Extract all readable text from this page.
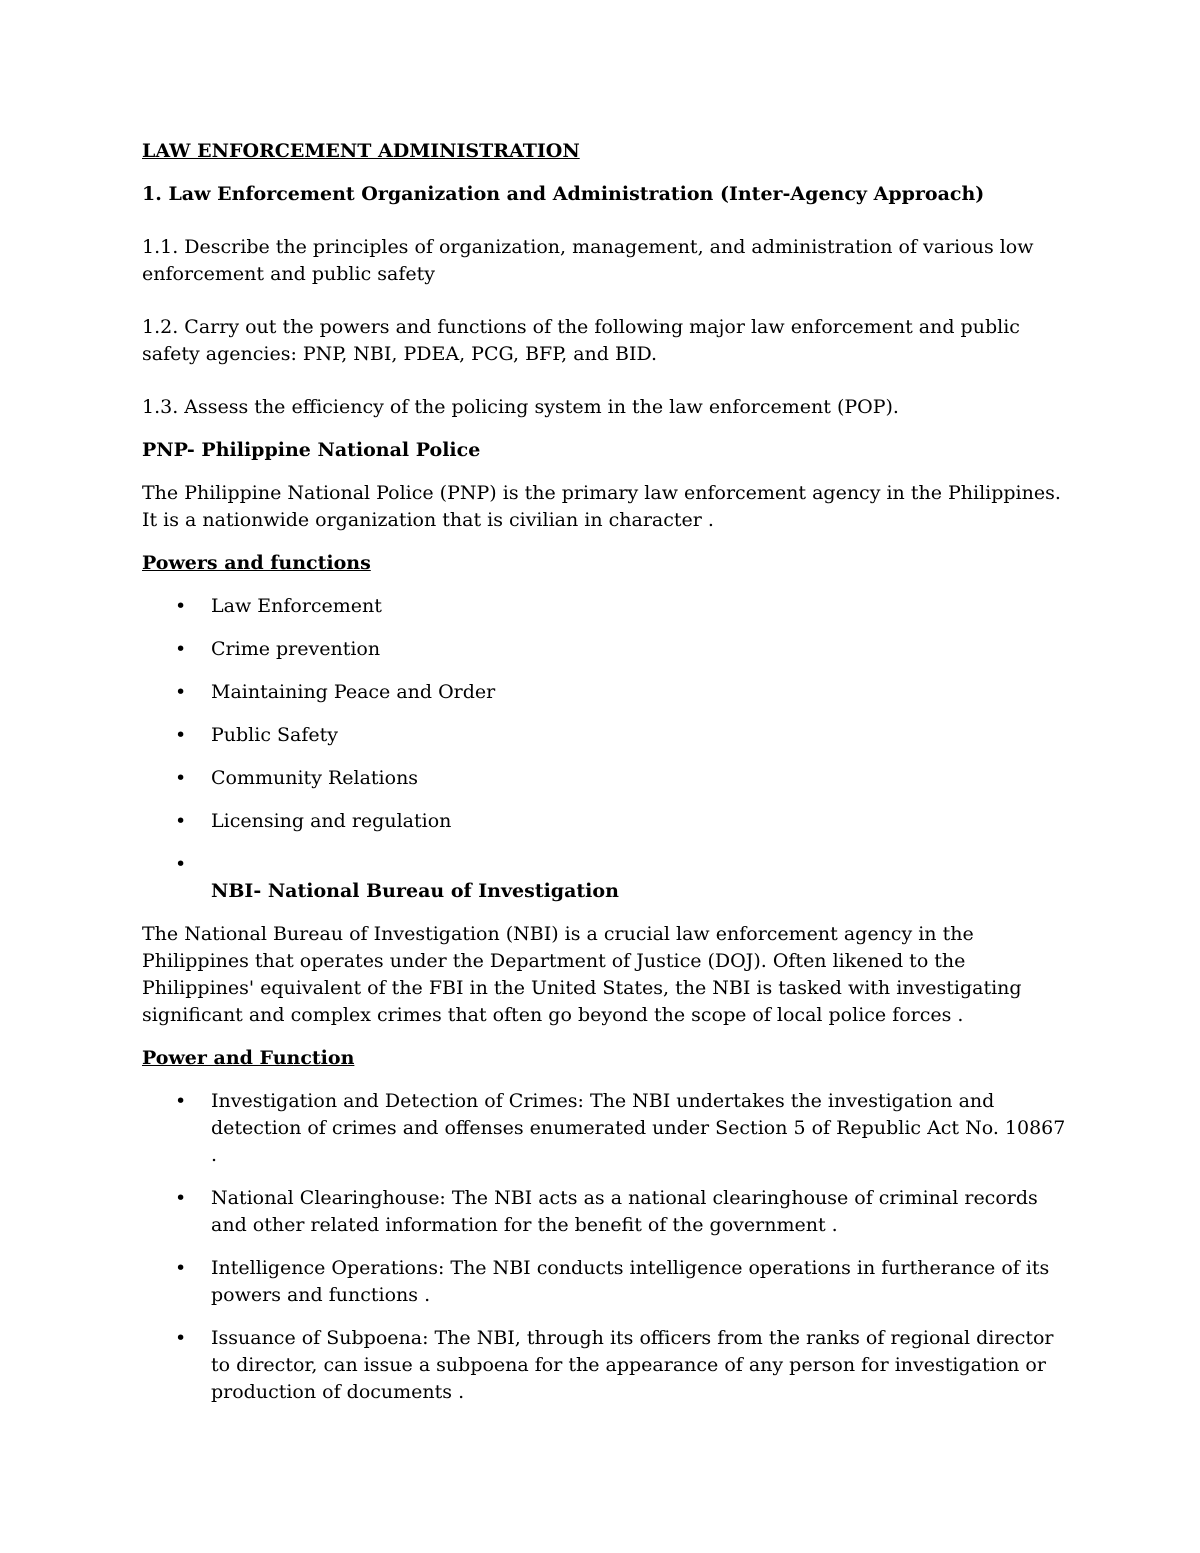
LAW ENFORCEMENT ADMINISTRATION

1. Law Enforcement Organization and Administration (Inter-Agency Approach)

1.1. Describe the principles of organization, management, and administration of various low enforcement and public safety

1.2. Carry out the powers and functions of the following major law enforcement and public safety agencies: PNP, NBI, PDEA, PCG, BFP, and BID.

1.3. Assess the efficiency of the policing system in the law enforcement (POP).

PNP- Philippine National Police

The Philippine National Police (PNP) is the primary law enforcement agency in the Philippines. It is a nationwide organization that is civilian in character .

Powers and functions

• Law Enforcement
• Crime prevention
• Maintaining Peace and Order
• Public Safety
• Community Relations
• Licensing and regulation
•

NBI- National Bureau of Investigation

The National Bureau of Investigation (NBI) is a crucial law enforcement agency in the Philippines that operates under the Department of Justice (DOJ). Often likened to the Philippines' equivalent of the FBI in the United States, the NBI is tasked with investigating significant and complex crimes that often go beyond the scope of local police forces .

Power and Function

• Investigation and Detection of Crimes: The NBI undertakes the investigation and detection of crimes and offenses enumerated under Section 5 of Republic Act No. 10867 .
• National Clearinghouse: The NBI acts as a national clearinghouse of criminal records and other related information for the benefit of the government .
• Intelligence Operations: The NBI conducts intelligence operations in furtherance of its powers and functions .
• Issuance of Subpoena: The NBI, through its officers from the ranks of regional director to director, can issue a subpoena for the appearance of any person for investigation or production of documents .
